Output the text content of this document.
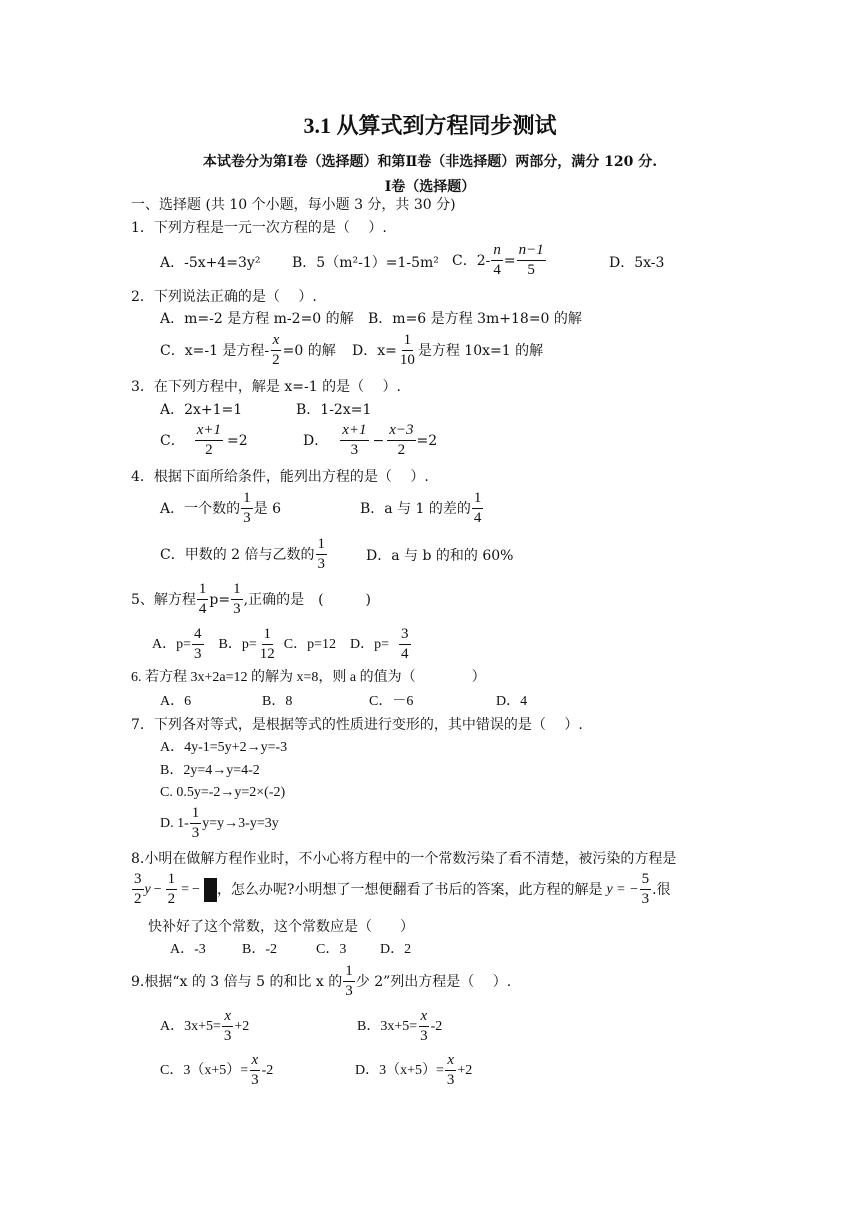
3.1 从算式到方程同步测试
本试卷分为第Ⅰ卷（选择题）和第Ⅱ卷（非选择题）两部分，满分 120 分.
Ⅰ卷（选择题）
一、选择题 (共 10 个小题，每小题 3 分，共 30 分)
1．下列方程是一元一次方程的是（　 ）.
A．-5x+4=3y² B．5（m²-1）=1-5m² C．$2- \frac{n}{4} = \frac{n-1}{5}$	D．5x-3
2．下列说法正确的是（　 ）.
A．m=-2 是方程 m-2=0 的解 B．m=6 是方程 3m+18=0 的解
C．x=-1 是方程- $\frac{x}{2} =0$ 的解 D．$x= \frac{1}{10}$ 是方程 10x=1 的解
3．在下列方程中，解是 x=-1 的是（　 ）.
A．2x+1=1	B．1-2x=1
C． $\frac{x+1}{2} =2$	D．
x+1
3
− $\frac{x-3}{2} =2$
4．根据下面所给条件，能列出方程的是（　 ）.
A．一个数的
1
3
是 6	B．a 与 1 的差的
1
4
C．甲数的 2 倍与乙数的
1
3	D．a 与 b 的和的 60%
5、解方程
1
4
$p= \frac{1}{3}$ ,正确的是　(　　　)
A．$p= \frac{4}{3}$ B．$p= \frac{1}{12}$ C．p=12 D．$p= \frac{3}{4}$
6. 若方程 3x+2a=12 的解为 x=8，则 a 的值为（　　　　）
A．6	B．8	C．－6	D．4
7．下列各对等式，是根据等式的性质进行变形的，其中错误的是（　 ）.
A．4y-1=5y+2→y=-3
B．2y=4→y=4-2
C. 0.5y=-2→y=2×(-2)
D. 1-
1
3
y=y→3-y=3y
8.小明在做解方程作业时，不小心将方程中的一个常数污染了看不清楚，被污染的方程是
3
2
$y - \frac{1}{2}$ = − ，怎么办呢?小明想了一想便翻看了书后的答案，此方程的解是 y = − $\frac{5}{3}$ .很
快补好了这个常数，这个常数应是（　　）
A．-3	B．-2	C．3 D．2
9.根据“x 的 3 倍与 5 的和比 x 的
1
3
少 2”列出方程是（　 ）.
A．$3x+5= \frac{x}{3} +2$	B．$3x+5= \frac{x}{3} -2$
C．$3(x+5)= \frac{x}{3} -2$	D．$3(x+5)= \frac{x}{3} +2$
